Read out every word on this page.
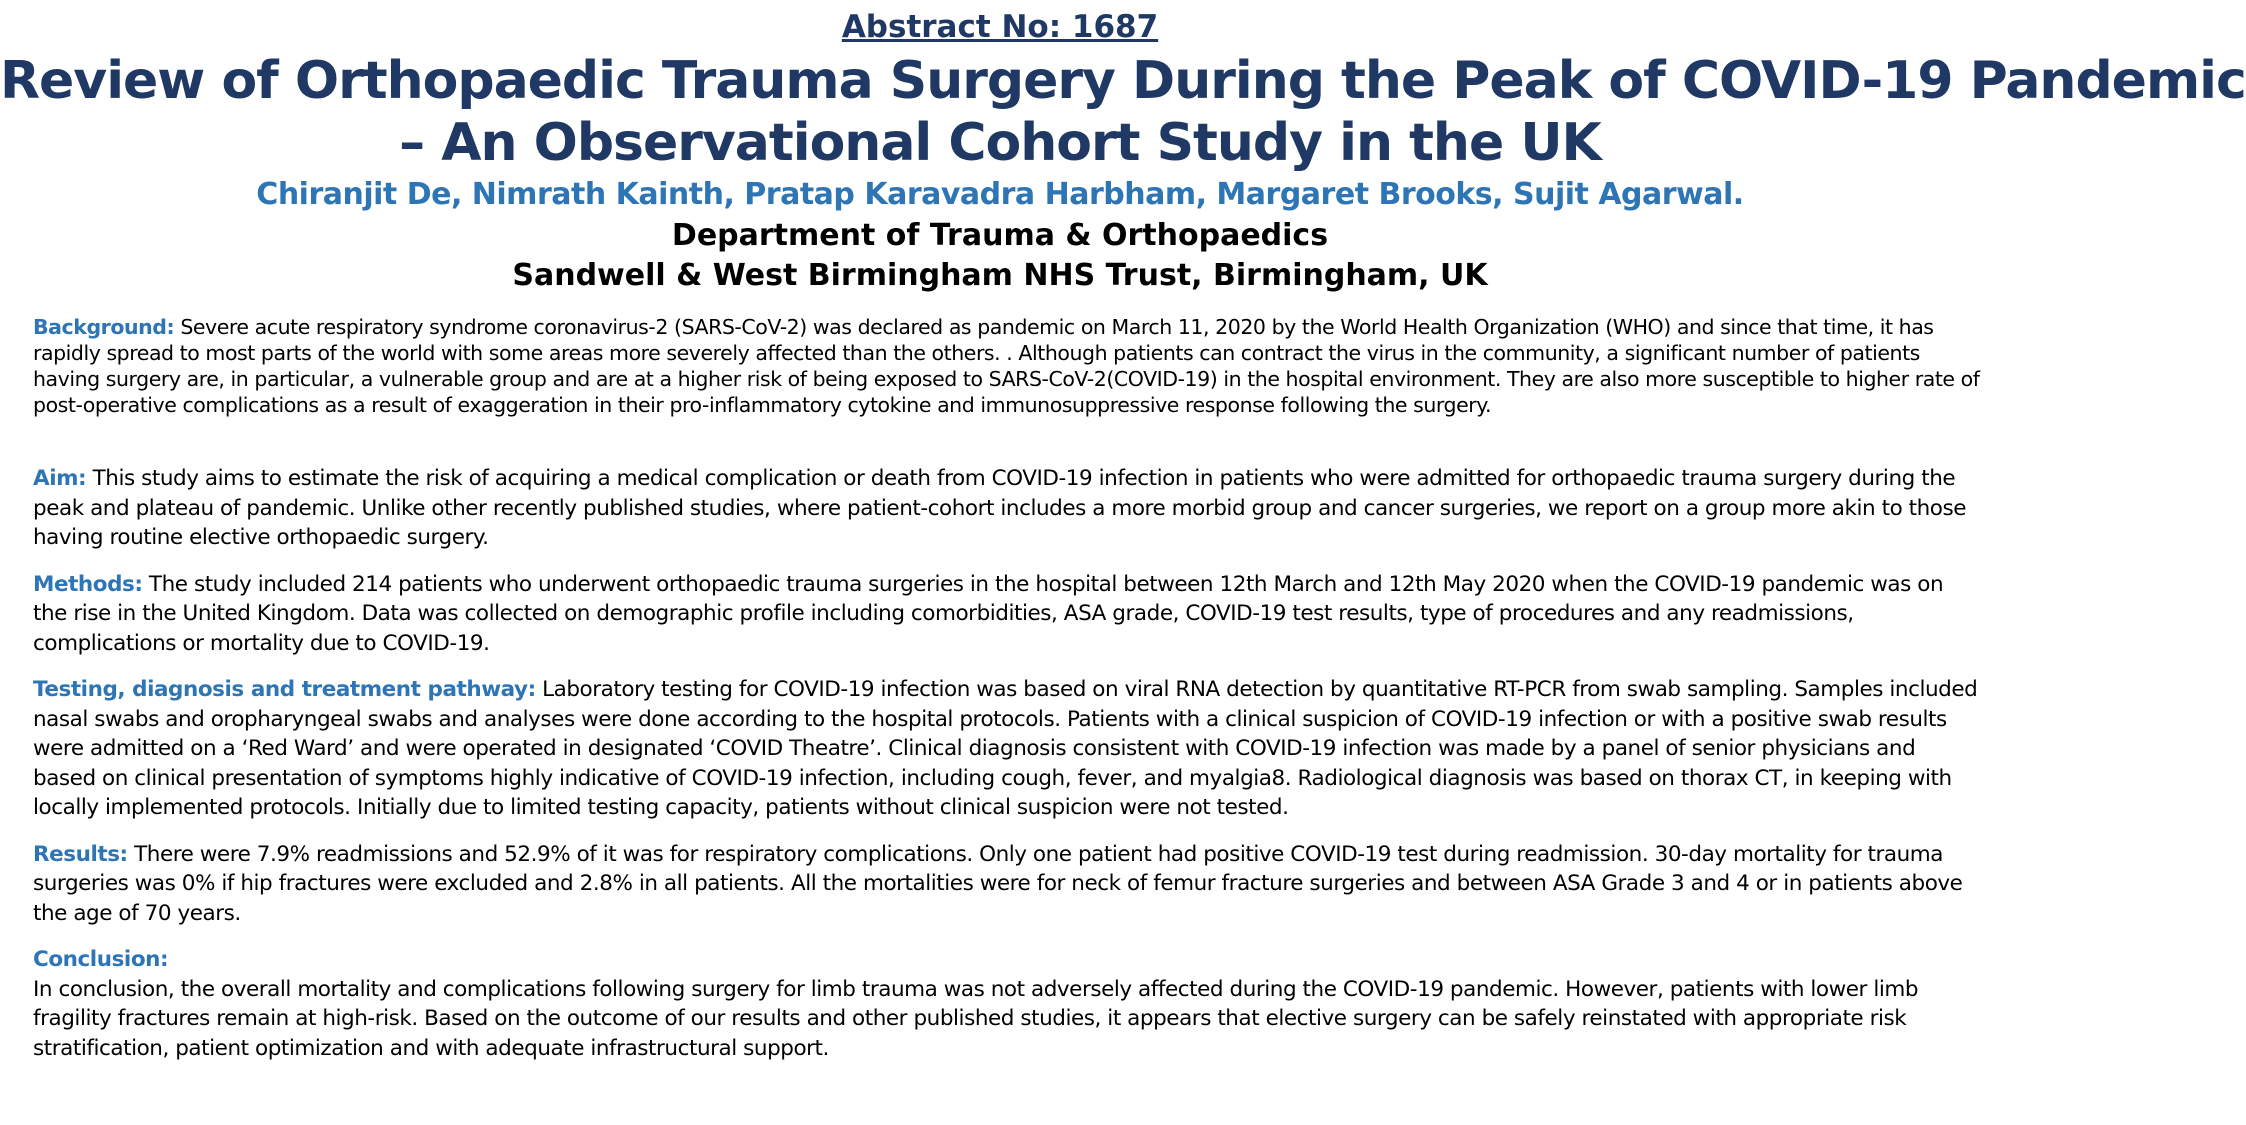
Abstract No: 1687
Review of Orthopaedic Trauma Surgery During the Peak of COVID-19 Pandemic
– An Observational Cohort Study in the UK
Chiranjit De, Nimrath Kainth, Pratap Karavadra Harbham, Margaret Brooks, Sujit Agarwal.
Department of Trauma & Orthopaedics
Sandwell & West Birmingham NHS Trust, Birmingham, UK

Background: Severe acute respiratory syndrome coronavirus-2 (SARS-CoV-2) was declared as pandemic on March 11, 2020 by the World Health Organization (WHO) and since that time, it has rapidly spread to most parts of the world with some areas more severely affected than the others. . Although patients can contract the virus in the community, a significant number of patients having surgery are, in particular, a vulnerable group and are at a higher risk of being exposed to SARS-CoV-2(COVID-19) in the hospital environment. They are also more susceptible to higher rate of post-operative complications as a result of exaggeration in their pro-inflammatory cytokine and immunosuppressive response following the surgery.

Aim: This study aims to estimate the risk of acquiring a medical complication or death from COVID-19 infection in patients who were admitted for orthopaedic trauma surgery during the peak and plateau of pandemic. Unlike other recently published studies, where patient-cohort includes a more morbid group and cancer surgeries, we report on a group more akin to those having routine elective orthopaedic surgery.

Methods: The study included 214 patients who underwent orthopaedic trauma surgeries in the hospital between 12th March and 12th May 2020 when the COVID-19 pandemic was on the rise in the United Kingdom. Data was collected on demographic profile including comorbidities, ASA grade, COVID-19 test results, type of procedures and any readmissions, complications or mortality due to COVID-19.

Testing, diagnosis and treatment pathway: Laboratory testing for COVID-19 infection was based on viral RNA detection by quantitative RT-PCR from swab sampling. Samples included nasal swabs and oropharyngeal swabs and analyses were done according to the hospital protocols. Patients with a clinical suspicion of COVID-19 infection or with a positive swab results were admitted on a ‘Red Ward’ and were operated in designated ‘COVID Theatre’. Clinical diagnosis consistent with COVID-19 infection was made by a panel of senior physicians and based on clinical presentation of symptoms highly indicative of COVID-19 infection, including cough, fever, and myalgia8. Radiological diagnosis was based on thorax CT, in keeping with locally implemented protocols. Initially due to limited testing capacity, patients without clinical suspicion were not tested.

Results: There were 7.9% readmissions and 52.9% of it was for respiratory complications. Only one patient had positive COVID-19 test during readmission. 30-day mortality for trauma surgeries was 0% if hip fractures were excluded and 2.8% in all patients. All the mortalities were for neck of femur fracture surgeries and between ASA Grade 3 and 4 or in patients above the age of 70 years.

Conclusion:
In conclusion, the overall mortality and complications following surgery for limb trauma was not adversely affected during the COVID-19 pandemic. However, patients with lower limb fragility fractures remain at high-risk. Based on the outcome of our results and other published studies, it appears that elective surgery can be safely reinstated with appropriate risk stratification, patient optimization and with adequate infrastructural support.
